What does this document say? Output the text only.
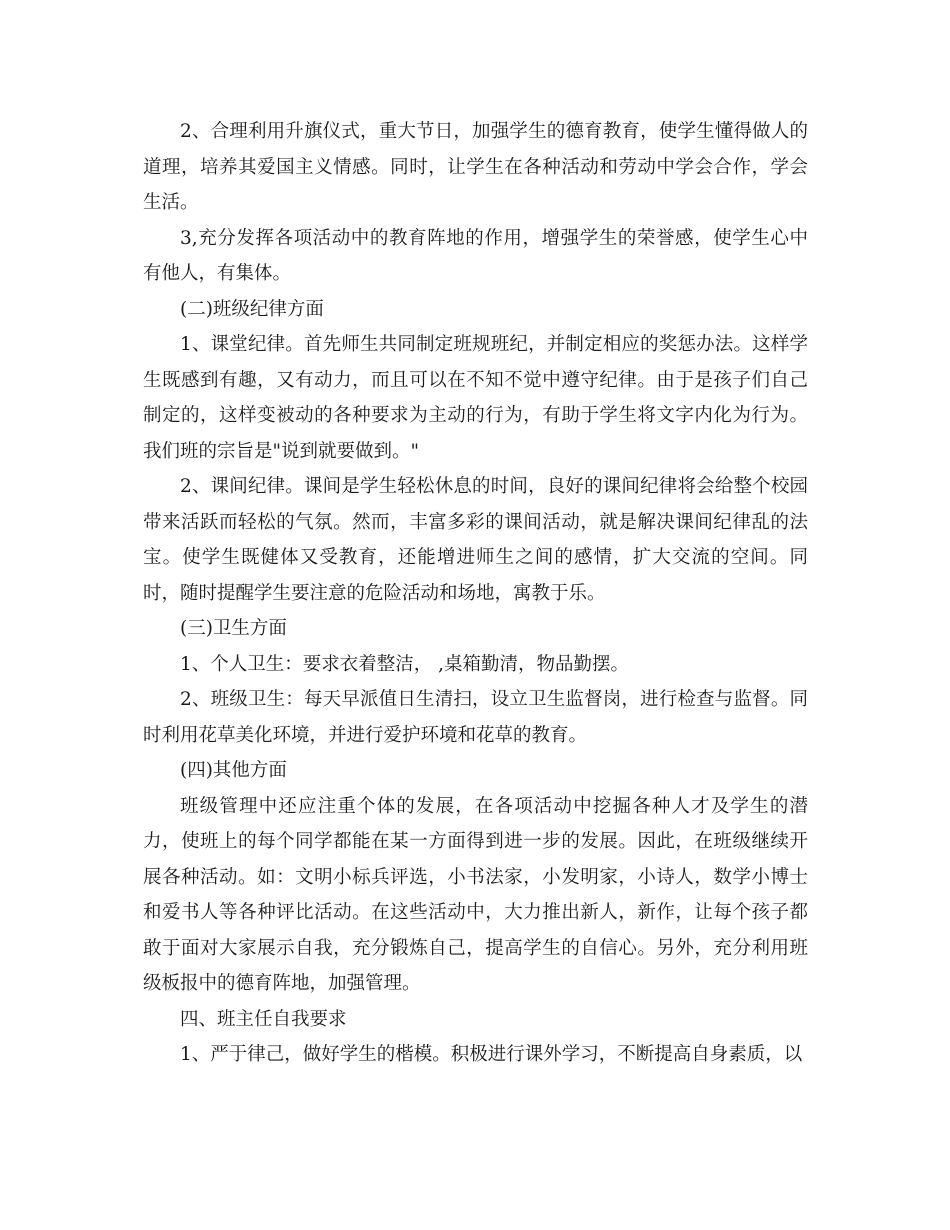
2、合理利用升旗仪式，重大节日，加强学生的德育教育，使学生懂得做人的道理，培养其爱国主义情感。同时，让学生在各种活动和劳动中学会合作，学会生活。

3,充分发挥各项活动中的教育阵地的作用，增强学生的荣誉感，使学生心中有他人，有集体。

(二)班级纪律方面

1、课堂纪律。首先师生共同制定班规班纪，并制定相应的奖惩办法。这样学生既感到有趣，又有动力，而且可以在不知不觉中遵守纪律。由于是孩子们自己制定的，这样变被动的各种要求为主动的行为，有助于学生将文字内化为行为。我们班的宗旨是"说到就要做到。"

2、课间纪律。课间是学生轻松休息的时间，良好的课间纪律将会给整个校园带来活跃而轻松的气氛。然而，丰富多彩的课间活动，就是解决课间纪律乱的法宝。使学生既健体又受教育，还能增进师生之间的感情，扩大交流的空间。同时，随时提醒学生要注意的危险活动和场地，寓教于乐。

(三)卫生方面

1、个人卫生：要求衣着整洁， ,桌箱勤清，物品勤摆。

2、班级卫生：每天早派值日生清扫，设立卫生监督岗，进行检查与监督。同时利用花草美化环境，并进行爱护环境和花草的教育。

(四)其他方面

班级管理中还应注重个体的发展，在各项活动中挖掘各种人才及学生的潜力，使班上的每个同学都能在某一方面得到进一步的发展。因此，在班级继续开展各种活动。如：文明小标兵评选，小书法家，小发明家，小诗人，数学小博士和爱书人等各种评比活动。在这些活动中，大力推出新人，新作，让每个孩子都敢于面对大家展示自我，充分锻炼自己，提高学生的自信心。另外，充分利用班级板报中的德育阵地，加强管理。

四、班主任自我要求

1、严于律己，做好学生的楷模。积极进行课外学习，不断提高自身素质，以
